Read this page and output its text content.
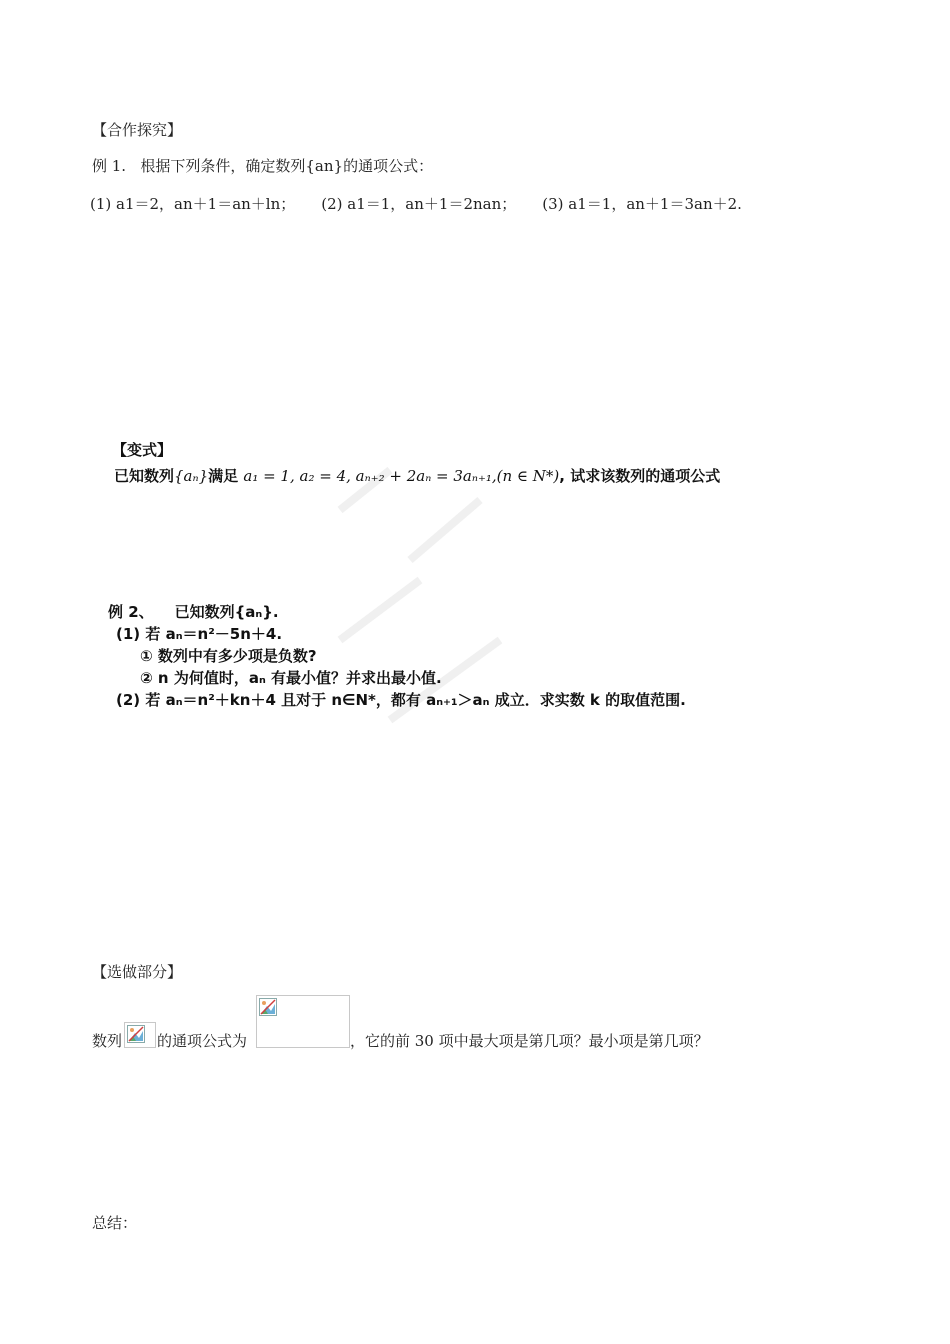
【合作探究】
例 1.   根据下列条件，确定数列{an}的通项公式：
(1) a1＝2，an＋1＝an＋ln； (2) a1＝1，an＋1＝2nan； (3) a1＝1，an＋1＝3an＋2.
【变式】
已知数列{aₙ}满足 a₁ = 1, a₂ = 4, aₙ₊₂ + 2aₙ = 3aₙ₊₁,(n ∈ N*), 试求该数列的通项公式
例 2、 已知数列{aₙ}.
(1) 若 aₙ＝n²－5n＋4.
① 数列中有多少项是负数?
② n 为何值时，aₙ 有最小值？并求出最小值.
(2) 若 aₙ＝n²＋kn＋4 且对于 n∈N*，都有 aₙ₊₁＞aₙ 成立．求实数 k 的取值范围.
【选做部分】
数列 的通项公式为	，它的前 30 项中最大项是第几项？最小项是第几项？
总结：
